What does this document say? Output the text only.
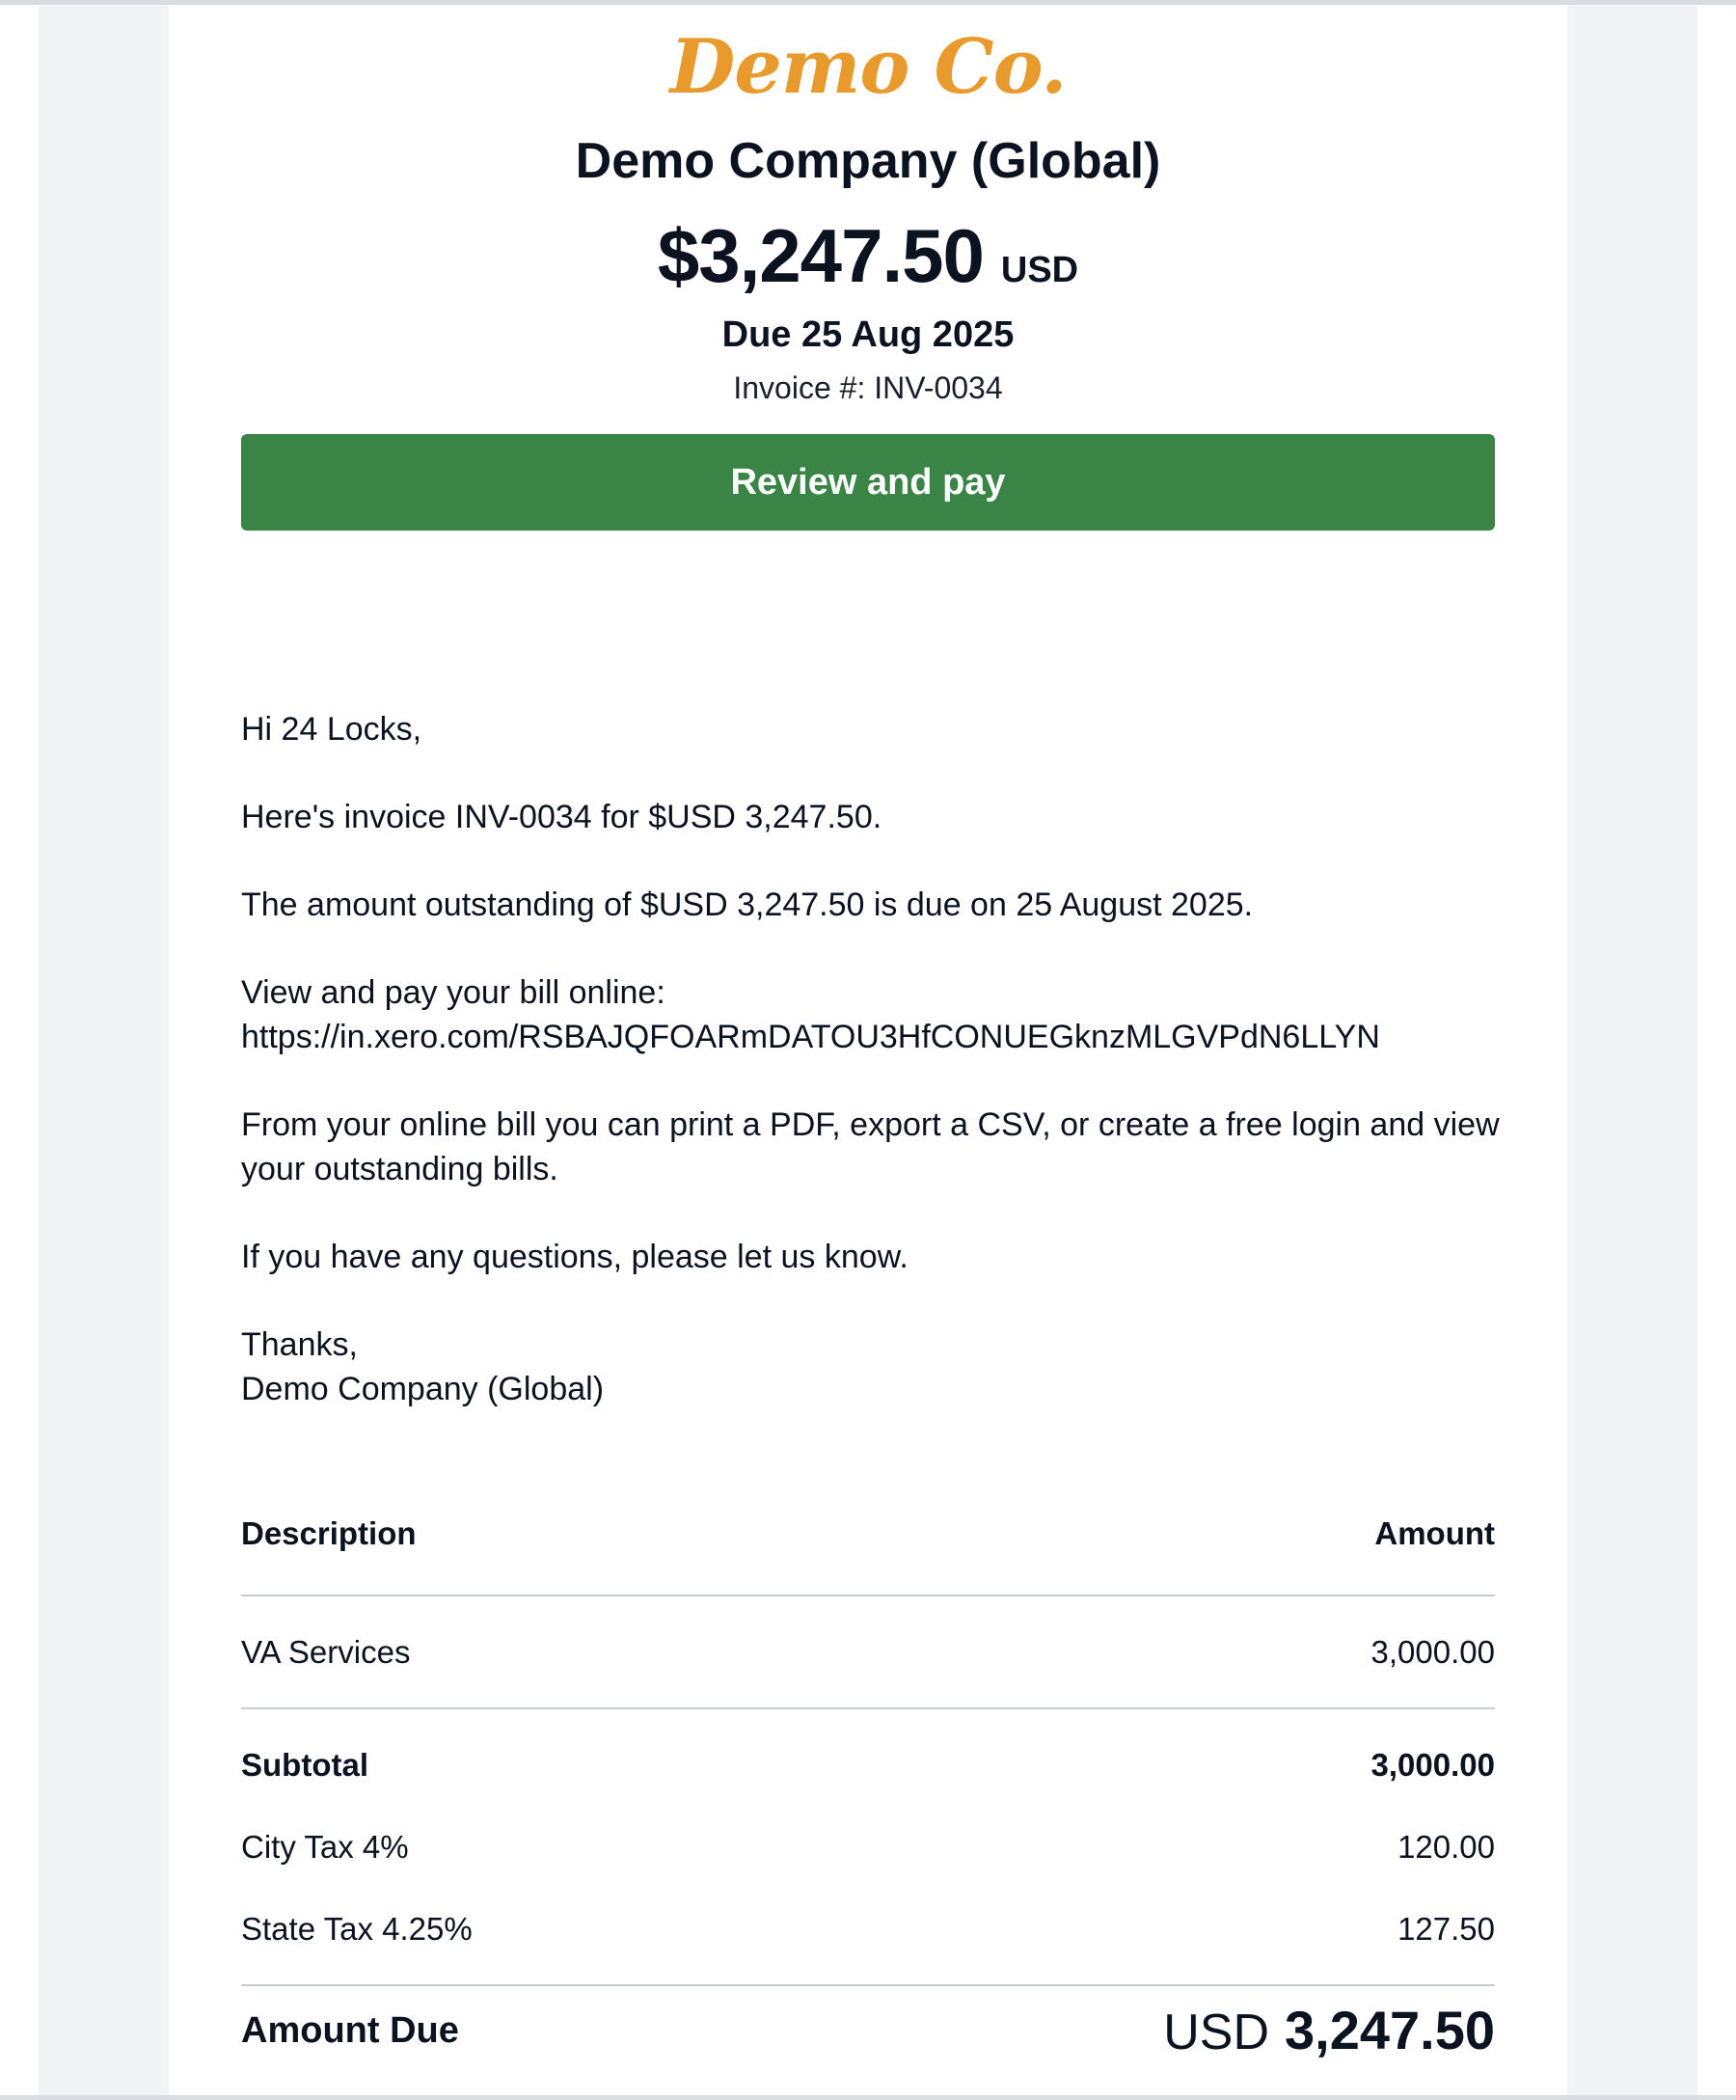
Demo Co.
Demo Company (Global)
$3,247.50 USD
Due 25 Aug 2025
Invoice #: INV-0034
Review and pay

Hi 24 Locks,

Here's invoice INV-0034 for $USD 3,247.50.

The amount outstanding of $USD 3,247.50 is due on 25 August 2025.

View and pay your bill online:
https://in.xero.com/RSBAJQFOARmDATOU3HfCONUEGknzMLGVPdN6LLYN

From your online bill you can print a PDF, export a CSV, or create a free login and view your outstanding bills.

If you have any questions, please let us know.

Thanks,
Demo Company (Global)

Description	Amount
VA Services	3,000.00
Subtotal	3,000.00
City Tax 4%	120.00
State Tax 4.25%	127.50
Amount Due	USD 3,247.50
